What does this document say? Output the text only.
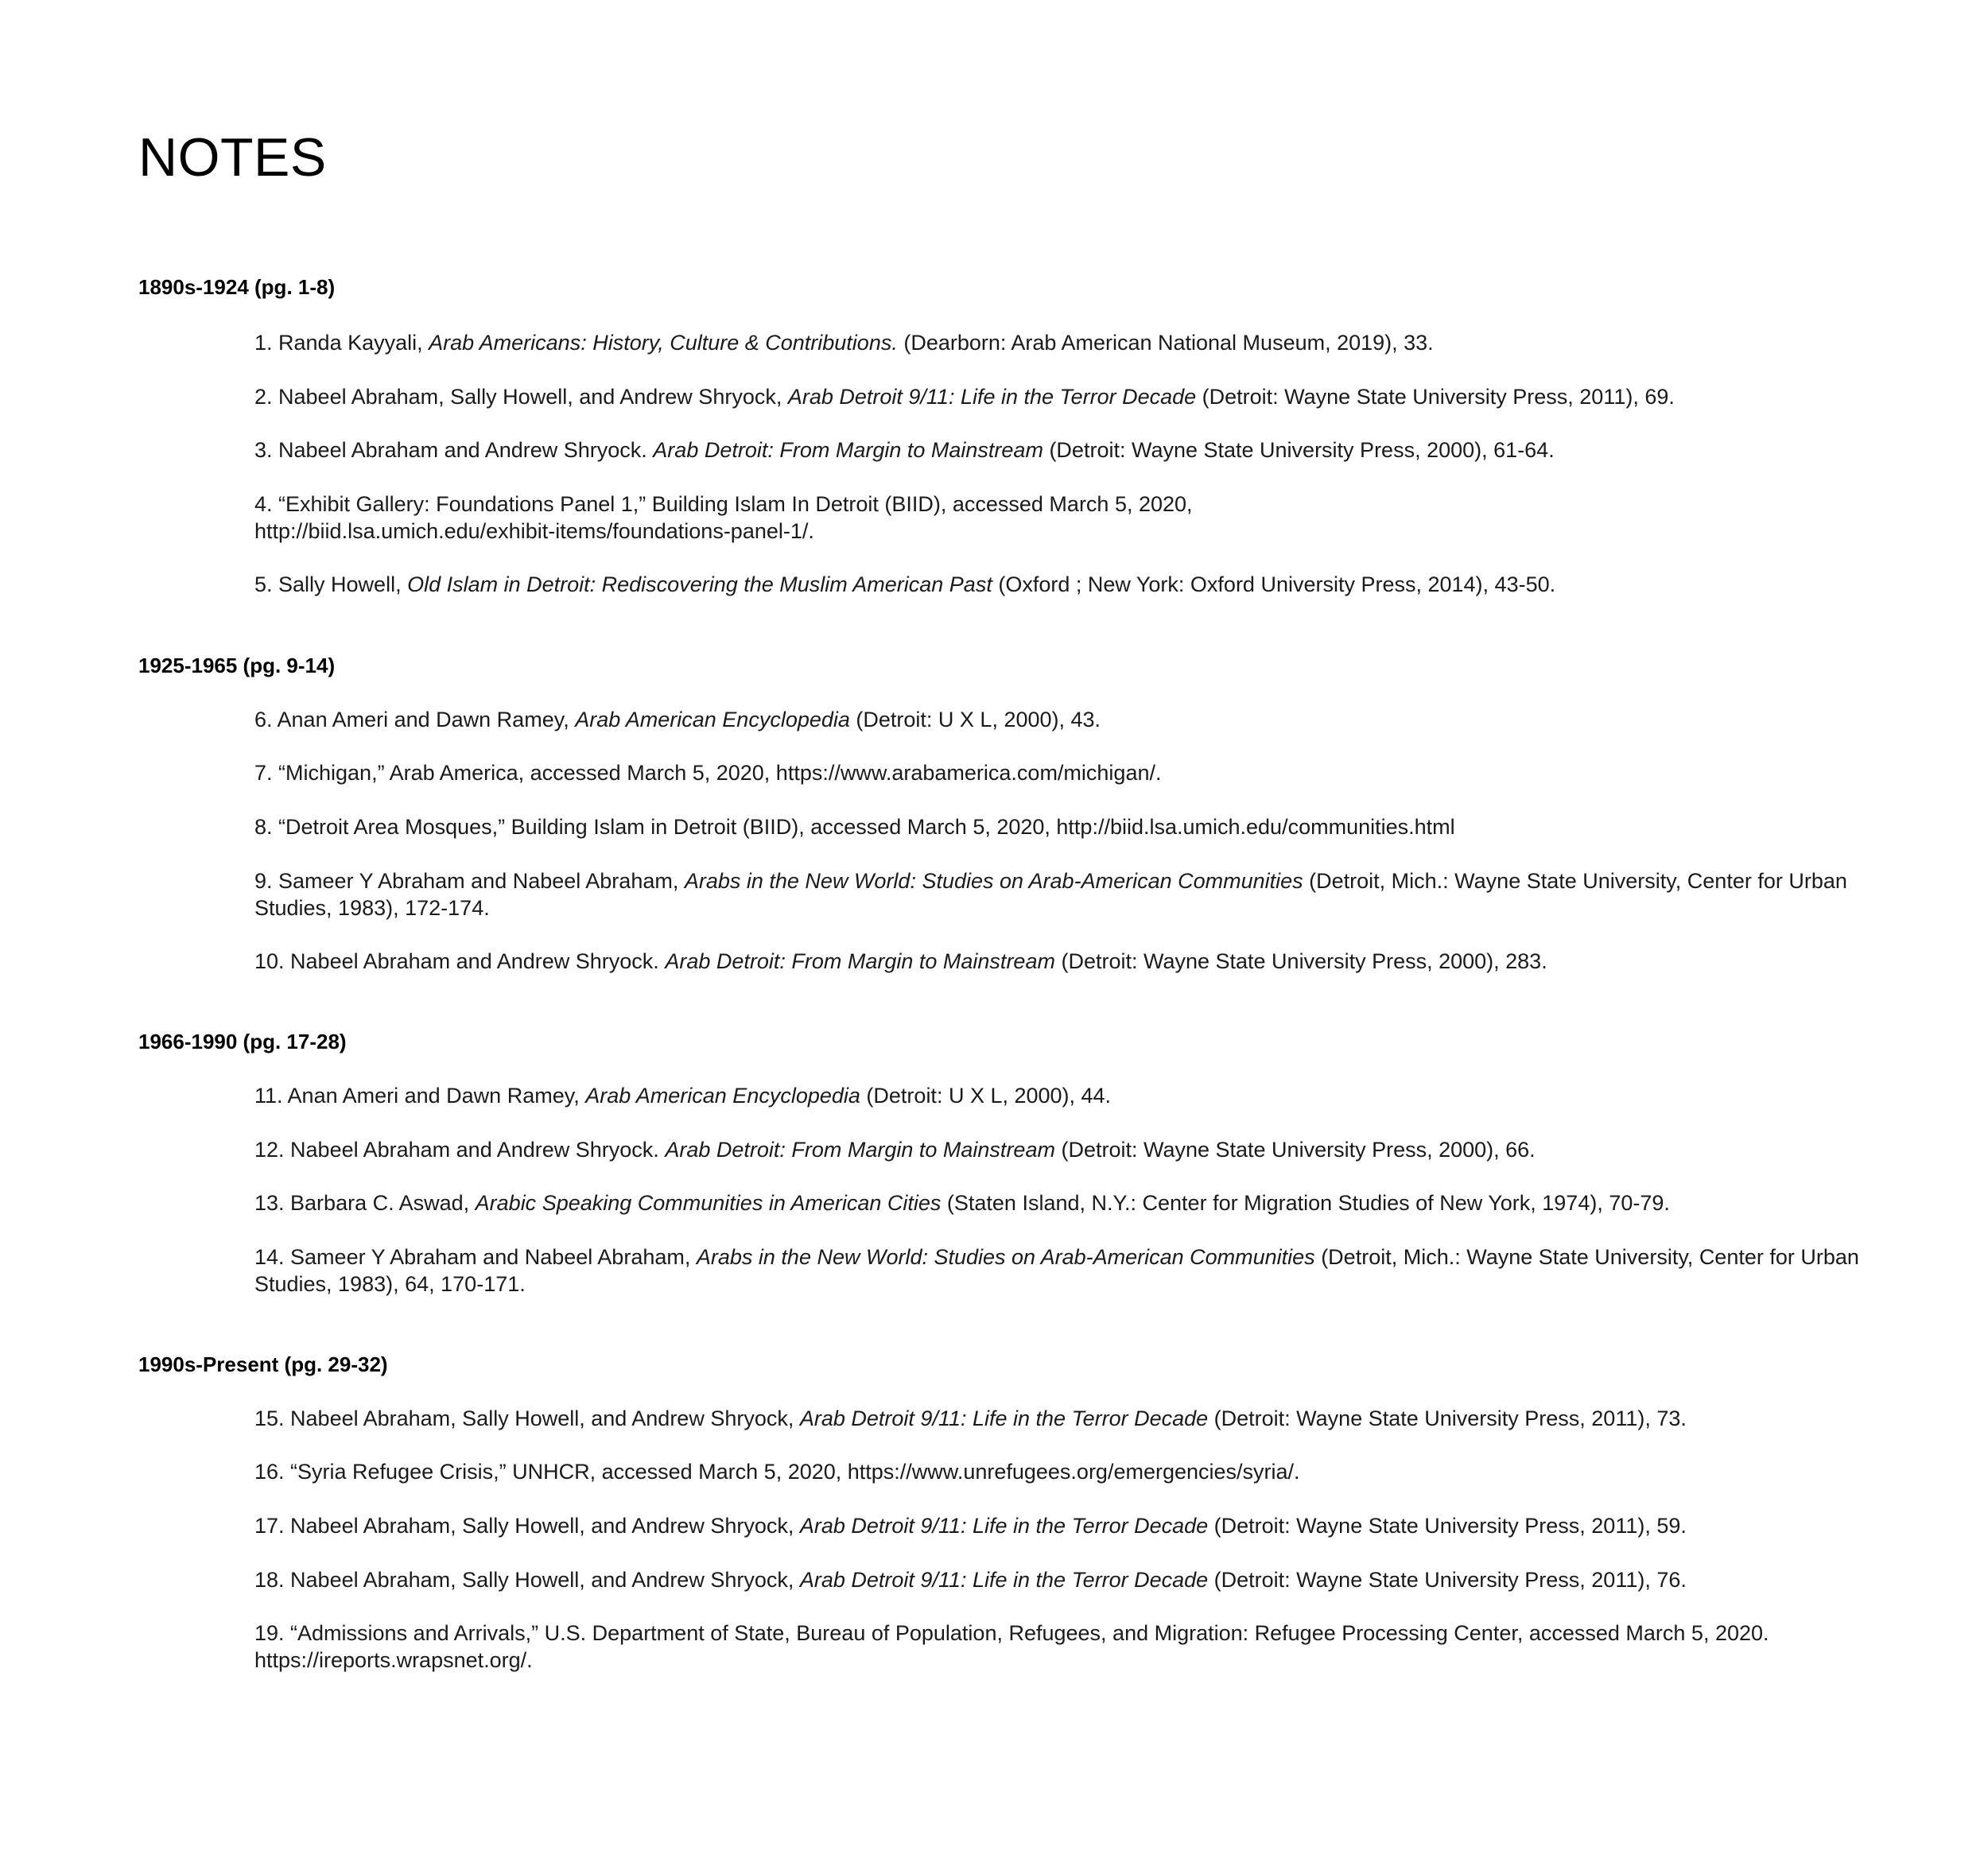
NOTES
1890s-1924 (pg. 1-8)
1. Randa Kayyali, Arab Americans: History, Culture & Contributions. (Dearborn: Arab American National Museum, 2019), 33.
2. Nabeel Abraham, Sally Howell, and Andrew Shryock, Arab Detroit 9/11: Life in the Terror Decade (Detroit: Wayne State University Press, 2011), 69.
3. Nabeel Abraham and Andrew Shryock. Arab Detroit: From Margin to Mainstream (Detroit: Wayne State University Press, 2000), 61-64.
4. “Exhibit Gallery: Foundations Panel 1,” Building Islam In Detroit (BIID), accessed March 5, 2020,
http://biid.lsa.umich.edu/exhibit-items/foundations-panel-1/.
5. Sally Howell, Old Islam in Detroit: Rediscovering the Muslim American Past (Oxford ; New York: Oxford University Press, 2014), 43-50.
1925-1965 (pg. 9-14)
6. Anan Ameri and Dawn Ramey, Arab American Encyclopedia (Detroit: U X L, 2000), 43.
7. “Michigan,” Arab America, accessed March 5, 2020, https://www.arabamerica.com/michigan/.
8. “Detroit Area Mosques,” Building Islam in Detroit (BIID), accessed March 5, 2020, http://biid.lsa.umich.edu/communities.html
9. Sameer Y Abraham and Nabeel Abraham, Arabs in the New World: Studies on Arab-American Communities (Detroit, Mich.: Wayne State University, Center for Urban Studies, 1983), 172-174.
10. Nabeel Abraham and Andrew Shryock. Arab Detroit: From Margin to Mainstream (Detroit: Wayne State University Press, 2000), 283.
1966-1990 (pg. 17-28)
11. Anan Ameri and Dawn Ramey, Arab American Encyclopedia (Detroit: U X L, 2000), 44.
12. Nabeel Abraham and Andrew Shryock. Arab Detroit: From Margin to Mainstream (Detroit: Wayne State University Press, 2000), 66.
13. Barbara C. Aswad, Arabic Speaking Communities in American Cities (Staten Island, N.Y.: Center for Migration Studies of New York, 1974), 70-79.
14. Sameer Y Abraham and Nabeel Abraham, Arabs in the New World: Studies on Arab-American Communities (Detroit, Mich.: Wayne State University, Center for Urban Studies, 1983), 64, 170-171.
1990s-Present (pg. 29-32)
15. Nabeel Abraham, Sally Howell, and Andrew Shryock, Arab Detroit 9/11: Life in the Terror Decade (Detroit: Wayne State University Press, 2011), 73.
16. “Syria Refugee Crisis,” UNHCR, accessed March 5, 2020, https://www.unrefugees.org/emergencies/syria/.
17. Nabeel Abraham, Sally Howell, and Andrew Shryock, Arab Detroit 9/11: Life in the Terror Decade (Detroit: Wayne State University Press, 2011), 59.
18. Nabeel Abraham, Sally Howell, and Andrew Shryock, Arab Detroit 9/11: Life in the Terror Decade (Detroit: Wayne State University Press, 2011), 76.
19. “Admissions and Arrivals,” U.S. Department of State, Bureau of Population, Refugees, and Migration: Refugee Processing Center, accessed March 5, 2020.
https://ireports.wrapsnet.org/.
